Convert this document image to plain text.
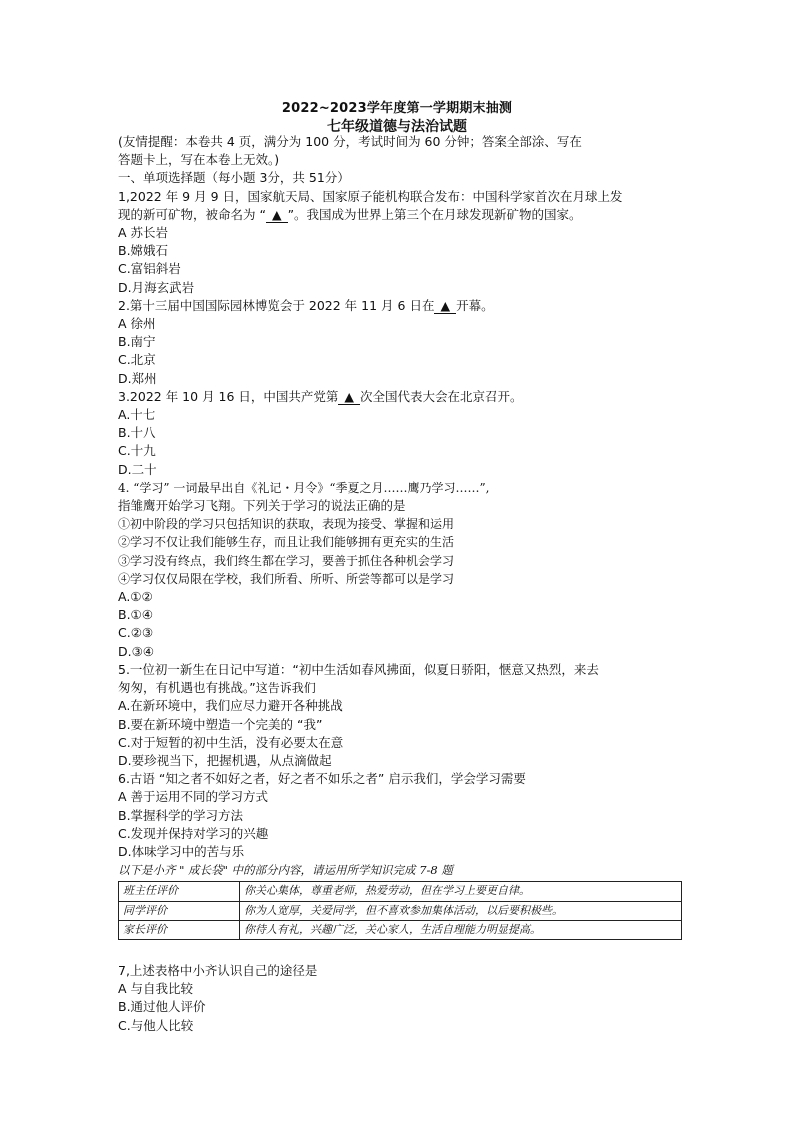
2022~2023学年度第一学期期末抽测
七年级道德与法治试题

(友情提醒：本卷共 4 页，满分为 100 分，考试时间为 60 分钟；答案全部涂、写在

答题卡上，写在本卷上无效。)

一、单项选择题（每小题 3分，共 51分）

1,2022 年 9 月 9 日，国家航天局、国家原子能机构联合发布：中国科学家首次在月球上发

现的新可矿物，被命名为 “ ▲ ”。我国成为世界上第三个在月球发现新矿物的国家。

A 苏长岩

B.嫦娥石

C.富铝斜岩

D.月海玄武岩

2.第十三届中国国际园林博览会于 2022 年 11 月 6 日在 ▲ 开幕。

A 徐州

B.南宁

C.北京

D.郑州

3.2022 年 10 月 16 日，中国共产党第 ▲ 次全国代表大会在北京召开。

A.十七

B.十八

C.十九

D.二十

4. “学习” 一词最早出自《礼记・月令》“季夏之月……鹰乃学习……”,

指雏鹰开始学习飞翔。下列关于学习的说法正确的是

①初中阶段的学习只包括知识的获取，表现为接受、掌握和运用

②学习不仅让我们能够生存，而且让我们能够拥有更充实的生活

③学习没有终点，我们终生都在学习，要善于抓住各种机会学习

④学习仅仅局限在学校，我们所看、所听、所尝等都可以是学习

A.①②

B.①④

C.②③

D.③④

5.一位初一新生在日记中写道：“初中生活如春风拂面，似夏日骄阳，惬意又热烈，来去

匆匆，有机遇也有挑战。”这告诉我们

A.在新环境中，我们应尽力避开各种挑战

B.要在新环境中塑造一个完美的 “我”

C.对于短暂的初中生活，没有必要太在意

D.要珍视当下，把握机遇，从点滴做起

6.古语 “知之者不如好之者，好之者不如乐之者” 启示我们，学会学习需要

A 善于运用不同的学习方式

B.掌握科学的学习方法

C.发现并保持对学习的兴趣

D.体味学习中的苦与乐

以下是小齐 " 成长袋" 中的部分内容，请运用所学知识完成 7-8 题

班主任评价	你关心集体，尊重老师，热爱劳动，但在学习上要更自律。
同学评价	你为人宽厚，关爱同学，但不喜欢参加集体活动，以后要积极些。
家长评价	你待人有礼，兴趣广泛，关心家人，生活自理能力明显提高。

7,上述表格中小齐认识自己的途径是

A 与自我比较

B.通过他人评价

C.与他人比较
